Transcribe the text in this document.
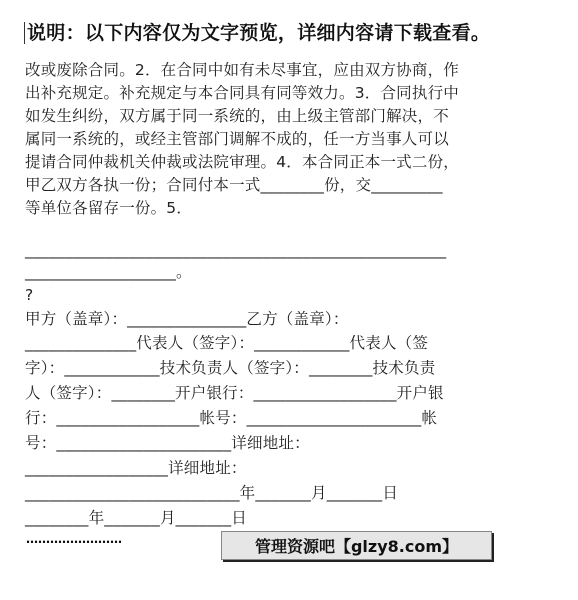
说明：以下内容仅为文字预览，详细内容请下载查看。
改或废除合同。2．在合同中如有未尽事宜，应由双方协商，作
出补充规定。补充规定与本合同具有同等效力。3．合同执行中
如发生纠纷，双方属于同一系统的，由上级主管部门解决，不
属同一系统的，或经主管部门调解不成的，任一方当事人可以
提请合同仲裁机关仲裁或法院审理。4．本合同正本一式二份，
甲乙双方各执一份；合同付本一式________份，交_________
等单位各留存一份。5．
_____________________________________________________
___________________。
?
甲方（盖章）：_______________乙方（盖章）：
______________代表人（签字）：____________代表人（签
字）：____________技术负责人（签字）：________技术负责
人（签字）：________开户银行：__________________开户银
行：__________________帐号：______________________帐
号：______________________详细地址：
__________________详细地址：
___________________________年_______月_______日
________年_______月_______日
……………………	管理资源吧【glzy8.com】
